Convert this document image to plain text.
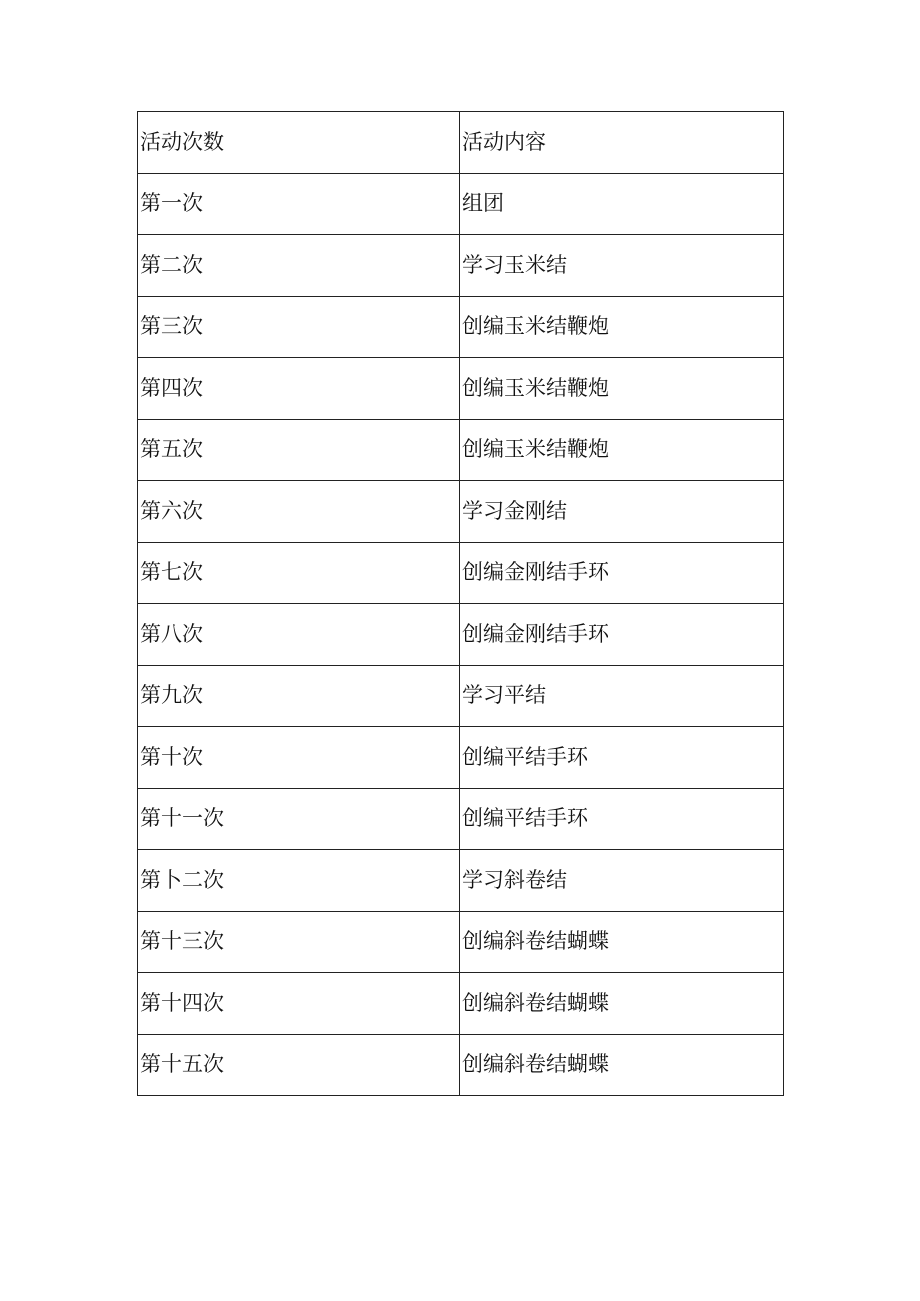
活动次数	活动内容
第一次	组团
第二次	学习玉米结
第三次	创编玉米结鞭炮
第四次	创编玉米结鞭炮
第五次	创编玉米结鞭炮
第六次	学习金刚结
第七次	创编金刚结手环
第八次	创编金刚结手环
第九次	学习平结
第十次	创编平结手环
第十一次	创编平结手环
第卜二次	学习斜卷结
第十三次	创编斜卷结蝴蝶
第十四次	创编斜卷结蝴蝶
第十五次	创编斜卷结蝴蝶
